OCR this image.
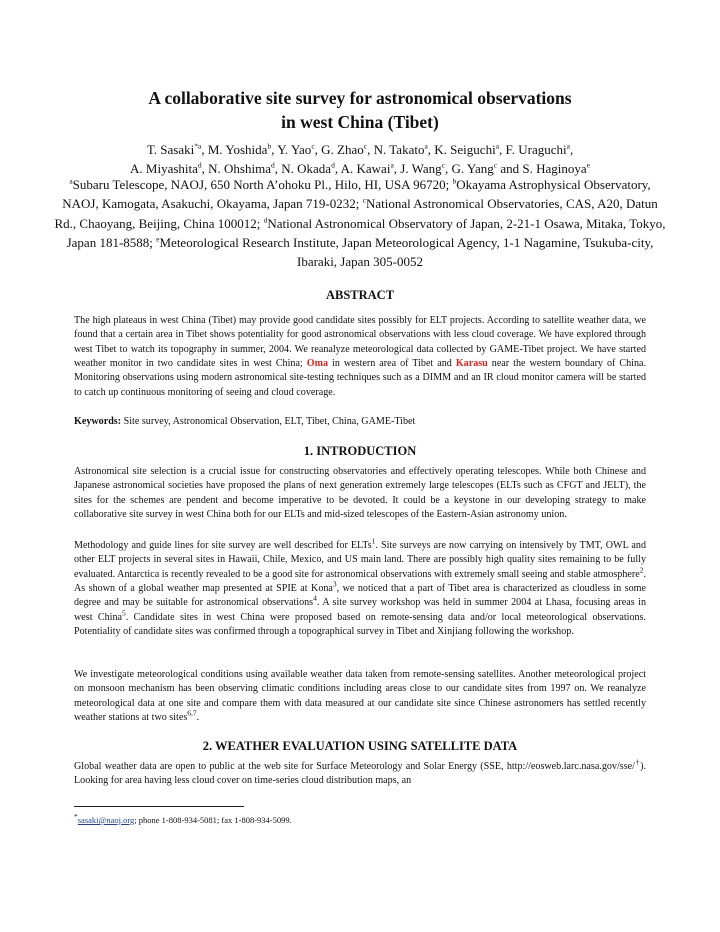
A collaborative site survey for astronomical observations
in west China (Tibet)
T. Sasaki$^{*a}$, M. Yoshida$^b$, Y. Yao$^c$, G. Zhao$^c$, N. Takato$^a$, K. Seiguchi$^a$, F. Uraguchi$^a$,
A. Miyashita$^d$, N. Ohshima$^d$, N. Okada$^d$, A. Kawai$^a$, J. Wang$^c$, G. Yang$^c$ and S. Haginoya$^e$
$^a$Subaru Telescope, NAOJ, 650 North A’ohoku Pl., Hilo, HI, USA 96720; $^b$Okayama Astrophysical Observatory, NAOJ, Kamogata, Asakuchi, Okayama, Japan 719-0232; $^c$National Astronomical Observatories, CAS, A20, Datun Rd., Chaoyang, Beijing, China 100012; $^d$National Astronomical Observatory of Japan, 2-21-1 Osawa, Mitaka, Tokyo, Japan 181-8588; $^e$Meteorological Research Institute, Japan Meteorological Agency, 1-1 Nagamine, Tsukuba-city, Ibaraki, Japan 305-0052
ABSTRACT
The high plateaus in west China (Tibet) may provide good candidate sites possibly for ELT projects. According to satellite weather data, we found that a certain area in Tibet shows potentiality for good astronomical observations with less cloud coverage. We have explored through west Tibet to watch its topography in summer, 2004. We reanalyze meteorological data collected by GAME-Tibet project. We have started weather monitor in two candidate sites in west China; Oma in western area of Tibet and Karasu near the western boundary of China. Monitoring observations using modern astronomical site-testing techniques such as a DIMM and an IR cloud monitor camera will be started to catch up continuous monitoring of seeing and cloud coverage.
Keywords: Site survey, Astronomical Observation, ELT, Tibet, China, GAME-Tibet
1. INTRODUCTION
Astronomical site selection is a crucial issue for constructing observatories and effectively operating telescopes. While both Chinese and Japanese astronomical societies have proposed the plans of next generation extremely large telescopes (ELTs such as CFGT and JELT), the sites for the schemes are pendent and become imperative to be devoted. It could be a keystone in our developing strategy to make collaborative site survey in west China both for our ELTs and mid-sized telescopes of the Eastern-Asian astronomy union.
Methodology and guide lines for site survey are well described for ELTs$^1$. Site surveys are now carrying on intensively by TMT, OWL and other ELT projects in several sites in Hawaii, Chile, Mexico, and US main land. There are possibly high quality sites remaining to be fully evaluated. Antarctica is recently revealed to be a good site for astronomical observations with extremely small seeing and stable atmosphere$^2$. As shown of a global weather map presented at SPIE at Kona$^3$, we noticed that a part of Tibet area is characterized as cloudless in some degree and may be suitable for astronomical observations$^4$. A site survey workshop was held in summer 2004 at Lhasa, focusing areas in west China$^5$. Candidate sites in west China were proposed based on remote-sensing data and/or local meteorological observations. Potentiality of candidate sites was confirmed through a topographical survey in Tibet and Xinjiang following the workshop.
We investigate meteorological conditions using available weather data taken from remote-sensing satellites. Another meteorological project on monsoon mechanism has been observing climatic conditions including areas close to our candidate sites from 1997 on. We reanalyze meteorological data at one site and compare them with data measured at our candidate site since Chinese astronomers has settled recently weather stations at two sites$^{6,7}$.
2. WEATHER EVALUATION USING SATELLITE DATA
Global weather data are open to public at the web site for Surface Meteorology and Solar Energy (SSE, http://eosweb.larc.nasa.gov/sse/†). Looking for area having less cloud cover on time-series cloud distribution maps, an
*sasaki@naoj.org; phone 1-808-934-5081; fax 1-808-934-5099.
